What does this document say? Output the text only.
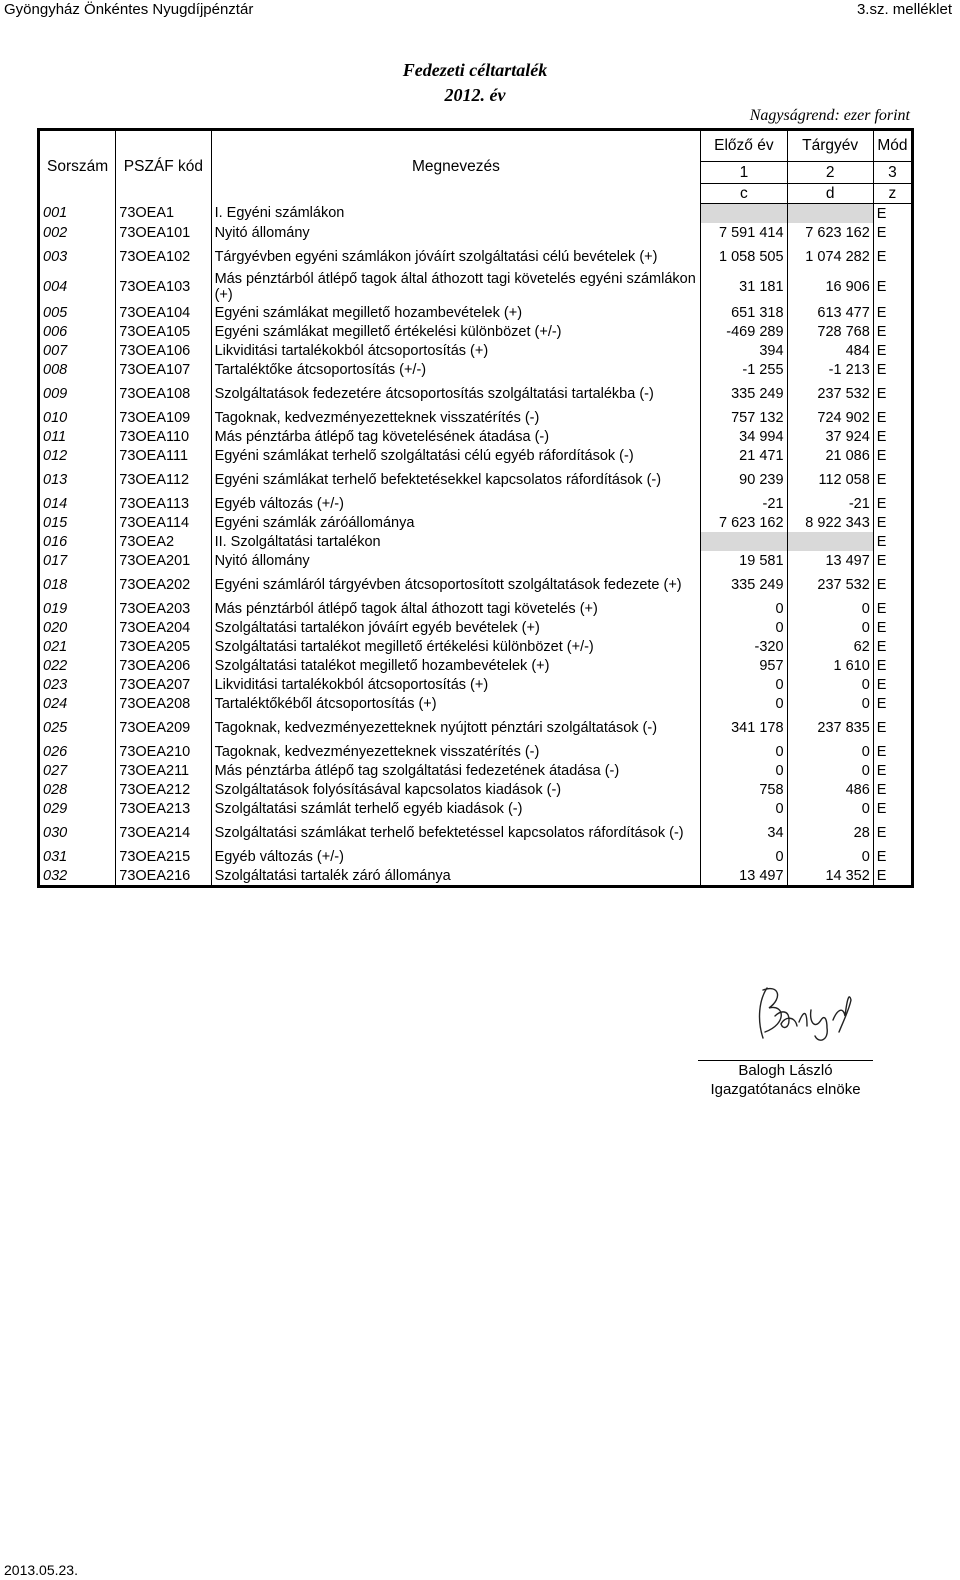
Gyöngyház Önkéntes Nyugdíjpénztár	3.sz. melléklet
Fedezeti céltartalék
2012. év
Nagyságrend: ezer forint
Sorszám	PSZÁF kód	Megnevezés	Előző év	Tárgyév	Mód
			1	2	3
			c	d	z
001	73OEA1	I. Egyéni számlákon			E
002	73OEA101	Nyitó állomány	7 591 414	7 623 162	E
003	73OEA102	Tárgyévben egyéni számlákon jóváírt szolgáltatási célú bevételek (+)	1 058 505	1 074 282	E
004	73OEA103	Más pénztárból átlépő tagok által áthozott tagi követelés egyéni számlákon (+)	31 181	16 906	E
005	73OEA104	Egyéni számlákat megillető hozambevételek (+)	651 318	613 477	E
006	73OEA105	Egyéni számlákat megillető értékelési különbözet (+/-)	-469 289	728 768	E
007	73OEA106	Likviditási tartalékokból átcsoportosítás (+)	394	484	E
008	73OEA107	Tartaléktőke átcsoportosítás (+/-)	-1 255	-1 213	E
009	73OEA108	Szolgáltatások fedezetére átcsoportosítás szolgáltatási tartalékba (-)	335 249	237 532	E
010	73OEA109	Tagoknak, kedvezményezetteknek visszatérítés (-)	757 132	724 902	E
011	73OEA110	Más pénztárba átlépő tag követelésének átadása (-)	34 994	37 924	E
012	73OEA111	Egyéni számlákat terhelő szolgáltatási célú egyéb ráfordítások (-)	21 471	21 086	E
013	73OEA112	Egyéni számlákat terhelő befektetésekkel kapcsolatos ráfordítások (-)	90 239	112 058	E
014	73OEA113	Egyéb változás (+/-)	-21	-21	E
015	73OEA114	Egyéni számlák záróállománya	7 623 162	8 922 343	E
016	73OEA2	II. Szolgáltatási tartalékon			E
017	73OEA201	Nyitó állomány	19 581	13 497	E
018	73OEA202	Egyéni számláról tárgyévben átcsoportosított szolgáltatások fedezete (+)	335 249	237 532	E
019	73OEA203	Más pénztárból átlépő tagok által áthozott tagi követelés (+)	0	0	E
020	73OEA204	Szolgáltatási tartalékon jóváírt egyéb bevételek (+)	0	0	E
021	73OEA205	Szolgáltatási tartalékot megillető értékelési különbözet (+/-)	-320	62	E
022	73OEA206	Szolgáltatási tatalékot megillető hozambevételek (+)	957	1 610	E
023	73OEA207	Likviditási tartalékokból átcsoportosítás (+)	0	0	E
024	73OEA208	Tartaléktőkéből átcsoportosítás (+)	0	0	E
025	73OEA209	Tagoknak, kedvezményezetteknek nyújtott pénztári szolgáltatások (-)	341 178	237 835	E
026	73OEA210	Tagoknak, kedvezményezetteknek visszatérítés (-)	0	0	E
027	73OEA211	Más pénztárba átlépő tag szolgáltatási fedezetének átadása (-)	0	0	E
028	73OEA212	Szolgáltatások folyósításával kapcsolatos kiadások (-)	758	486	E
029	73OEA213	Szolgáltatási számlát terhelő egyéb kiadások (-)	0	0	E
030	73OEA214	Szolgáltatási számlákat terhelő befektetéssel kapcsolatos ráfordítások (-)	34	28	E
031	73OEA215	Egyéb változás (+/-)	0	0	E
032	73OEA216	Szolgáltatási tartalék záró állománya	13 497	14 352	E
Balogh László
Igazgatótanács elnöke
2013.05.23.
